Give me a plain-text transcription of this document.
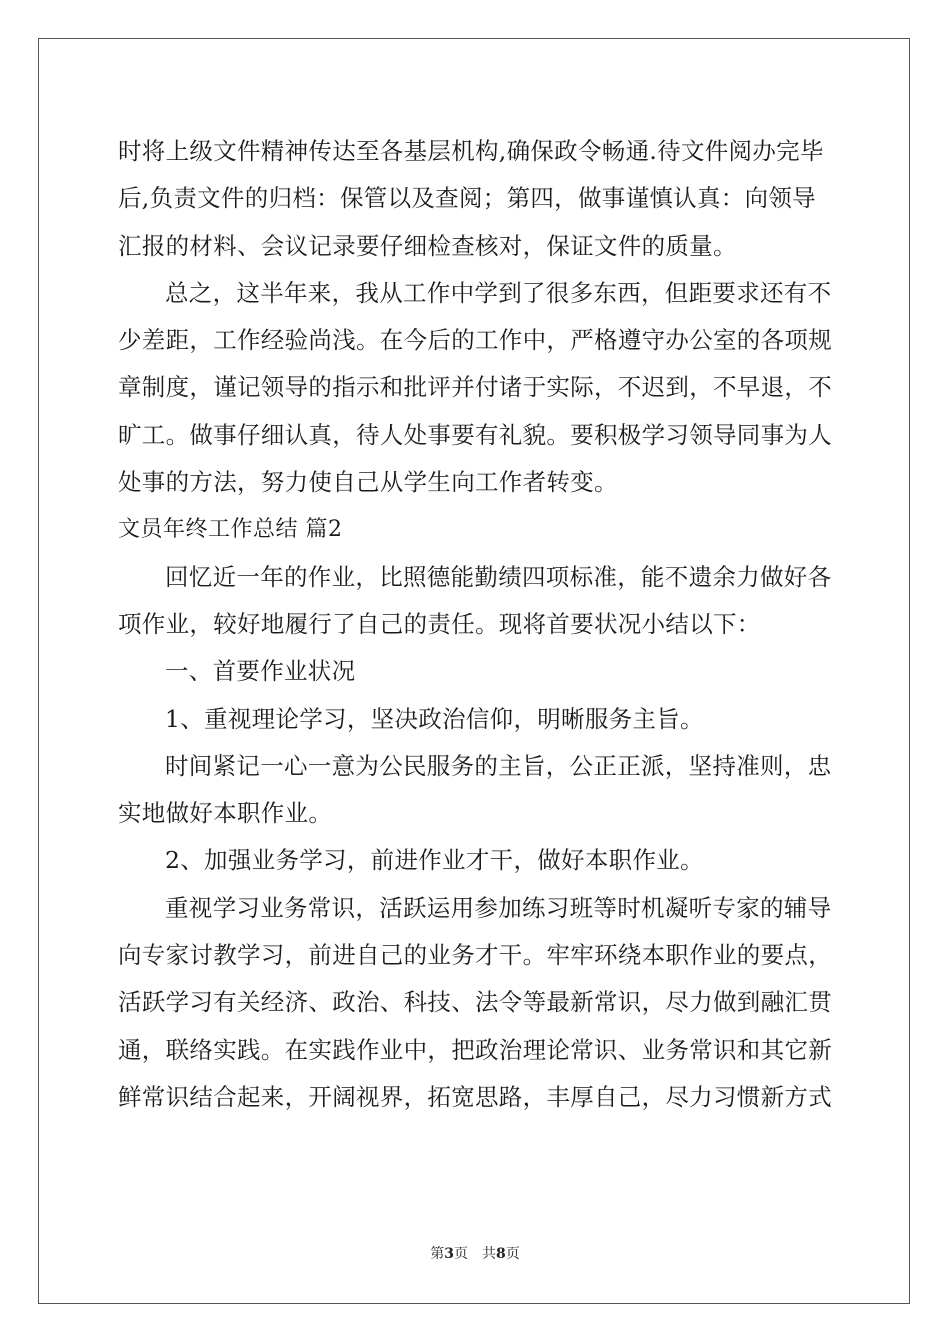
时将上级文件精神传达至各基层机构,确保政令畅通.待文件阅办完毕
后,负责文件的归档：保管以及查阅；第四，做事谨慎认真：向领导
汇报的材料、会议记录要仔细检查核对，保证文件的质量。
总之，这半年来，我从工作中学到了很多东西，但距要求还有不
少差距，工作经验尚浅。在今后的工作中，严格遵守办公室的各项规
章制度，谨记领导的指示和批评并付诸于实际，不迟到，不早退，不
旷工。做事仔细认真，待人处事要有礼貌。要积极学习领导同事为人
处事的方法，努力使自己从学生向工作者转变。
文员年终工作总结 篇2
回忆近一年的作业，比照德能勤绩四项标准，能不遗余力做好各
项作业，较好地履行了自己的责任。现将首要状况小结以下：
一、首要作业状况
1、重视理论学习，坚决政治信仰，明晰服务主旨。
时间紧记一心一意为公民服务的主旨，公正正派，坚持准则，忠
实地做好本职作业。
2、加强业务学习，前进作业才干，做好本职作业。
重视学习业务常识，活跃运用参加练习班等时机凝听专家的辅导
向专家讨教学习，前进自己的业务才干。牢牢环绕本职作业的要点，
活跃学习有关经济、政治、科技、法令等最新常识，尽力做到融汇贯
通，联络实践。在实践作业中，把政治理论常识、业务常识和其它新
鲜常识结合起来，开阔视界，拓宽思路，丰厚自己，尽力习惯新方式
第3页 共8页
